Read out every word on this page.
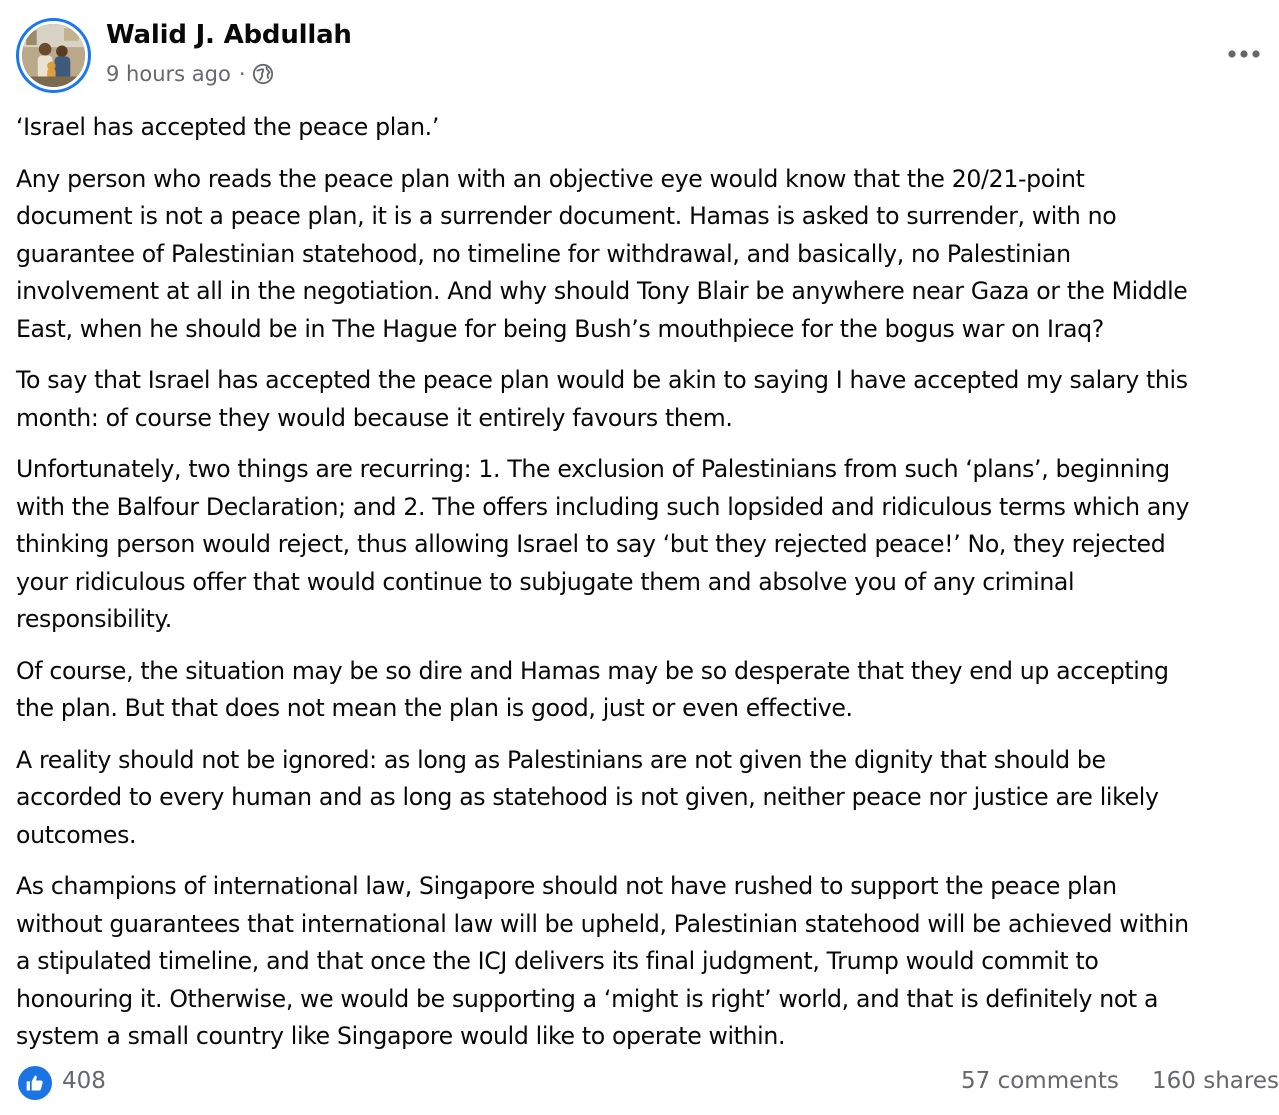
Walid J. Abdullah
9 hours ago ·

‘Israel has accepted the peace plan.’

Any person who reads the peace plan with an objective eye would know that the 20/21-point
document is not a peace plan, it is a surrender document. Hamas is asked to surrender, with no
guarantee of Palestinian statehood, no timeline for withdrawal, and basically, no Palestinian
involvement at all in the negotiation. And why should Tony Blair be anywhere near Gaza or the Middle
East, when he should be in The Hague for being Bush’s mouthpiece for the bogus war on Iraq?

To say that Israel has accepted the peace plan would be akin to saying I have accepted my salary this
month: of course they would because it entirely favours them.

Unfortunately, two things are recurring: 1. The exclusion of Palestinians from such ‘plans’, beginning
with the Balfour Declaration; and 2. The offers including such lopsided and ridiculous terms which any
thinking person would reject, thus allowing Israel to say ‘but they rejected peace!’ No, they rejected
your ridiculous offer that would continue to subjugate them and absolve you of any criminal
responsibility.

Of course, the situation may be so dire and Hamas may be so desperate that they end up accepting
the plan. But that does not mean the plan is good, just or even effective.

A reality should not be ignored: as long as Palestinians are not given the dignity that should be
accorded to every human and as long as statehood is not given, neither peace nor justice are likely
outcomes.

As champions of international law, Singapore should not have rushed to support the peace plan
without guarantees that international law will be upheld, Palestinian statehood will be achieved within
a stipulated timeline, and that once the ICJ delivers its final judgment, Trump would commit to
honouring it. Otherwise, we would be supporting a ‘might is right’ world, and that is definitely not a
system a small country like Singapore would like to operate within.

408	57 comments 160 shares
